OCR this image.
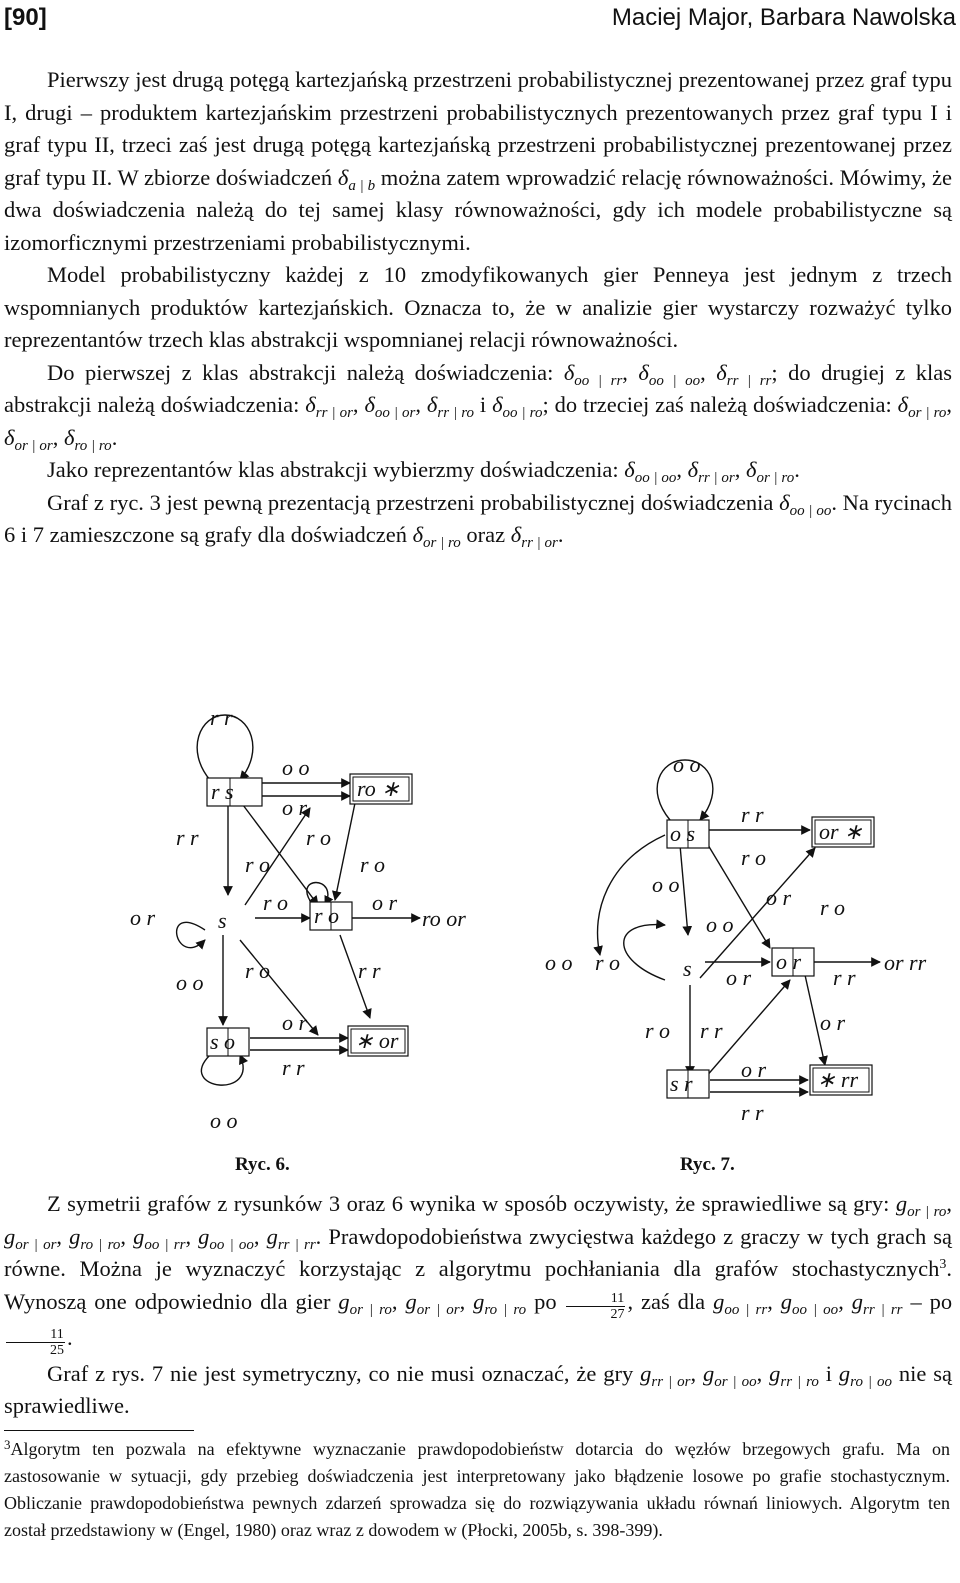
[90]	Maciej Major, Barbara Nawolska

Pierwszy jest drugą potęgą kartezjańską przestrzeni probabilistycznej prezentowanej przez graf typu I, drugi – produktem kartezjańskim przestrzeni probabilistycznych prezentowanych przez graf typu I i graf typu II, trzeci zaś jest drugą potęgą kartezjańską przestrzeni probabilistycznej prezentowanej przez graf typu II. W zbiorze doświadczeń $\delta_{a | b}$ można zatem wprowadzić relację równoważności. Mówimy, że dwa doświadczenia należą do tej samej klasy równoważności, gdy ich modele probabilistyczne są izomorficznymi przestrzeniami probabilistycznymi.

Model probabilistyczny każdej z 10 zmodyfikowanych gier Penneya jest jednym z trzech wspomnianych produktów kartezjańskich. Oznacza to, że w analizie gier wystarczy rozważyć tylko reprezentantów trzech klas abstrakcji wspomnianej relacji równoważności.

Do pierwszej z klas abstrakcji należą doświadczenia: $\delta_{oo | rr}$, $\delta_{oo | oo}$, $\delta_{rr | rr}$; do drugiej z klas abstrakcji należą doświadczenia: $\delta_{rr | or}$, $\delta_{oo | or}$, $\delta_{rr | ro}$ i $\delta_{oo | ro}$; do trzeciej zaś należą doświadczenia: $\delta_{or | ro}$, $\delta_{or | or}$, $\delta_{ro | ro}$.

Jako reprezentantów klas abstrakcji wybierzmy doświadczenia: $\delta_{oo | oo}$, $\delta_{rr | or}$, $\delta_{or | ro}$.

Graf z ryc. 3 jest pewną prezentacją przestrzeni probabilistycznej doświadczenia $\delta_{oo | oo}$. Na rycinach 6 i 7 zamieszczone są grafy dla doświadczeń $\delta_{or | ro}$ oraz $\delta_{rr | or}$.

r s
s	r o
s o
ro ∗
ro or
∗ or
r r
o o
o r
r r	r o
r o	r o
o r
r o	o r
o o r o	r r
o r
r r
o o
o s
s	o r
s r
or ∗
or rr
∗ rr
o o
r r
r o
o o
o r r o
o o
o o r o
o r	r r
r o r r	o r
o r
r r
Ryc. 6.	Ryc. 7.

Z symetrii grafów z rysunków 3 oraz 6 wynika w sposób oczywisty, że sprawiedliwe są gry: $g_{or | ro}$, $g_{or | or}$, $g_{ro | ro}$, $g_{oo | rr}$, $g_{oo | oo}$, $g_{rr | rr}$. Prawdopodobieństwa zwycięstwa każdego z graczy w tych grach są równe. Można je wyznaczyć korzystając z algorytmu pochłaniania dla grafów stochastycznych$^3$. Wynoszą one odpowiednio dla gier $g_{or | ro}$, $g_{or | or}$, $g_{ro | ro}$ po $\frac{11}{27}$ , zaś dla $g_{oo | rr}$, $g_{oo | oo}$, $g_{rr | rr}$ – po
$\frac{11}{25}$ .

Graf z rys. 7 nie jest symetryczny, co nie musi oznaczać, że gry $g_{rr | or}$, $g_{or | oo}$, $g_{rr | ro}$ i $g_{ro | oo}$ nie są sprawiedliwe.

$^3$Algorytm ten pozwala na efektywne wyznaczanie prawdopodobieństw dotarcia do węzłów brzegowych grafu. Ma on zastosowanie w sytuacji, gdy przebieg doświadczenia jest interpretowany jako błądzenie losowe po grafie stochastycznym. Obliczanie prawdopodobieństwa pewnych zdarzeń sprowadza się do rozwiązywania układu równań liniowych. Algorytm ten został przedstawiony w (Engel, 1980) oraz wraz z dowodem w (Płocki, 2005b, s. 398-399).
